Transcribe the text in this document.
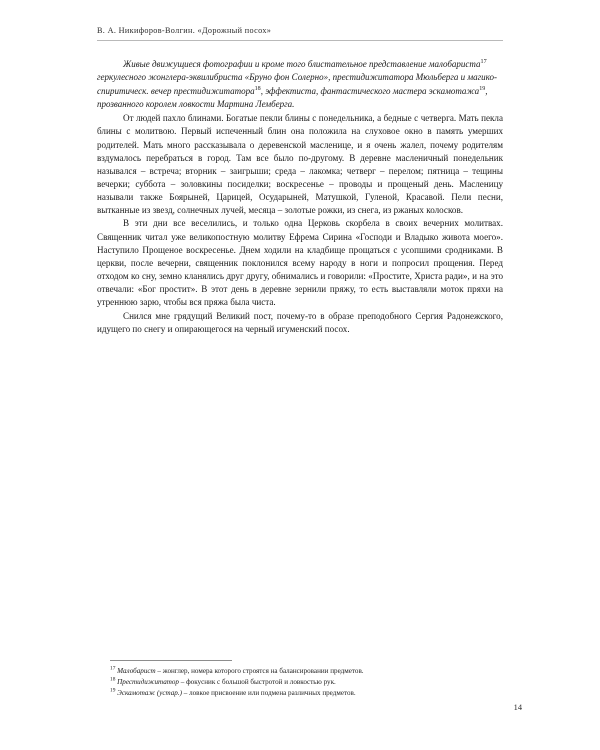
В. А. Никифоров-Волгин. «Дорожный посох»

Живые движущиеся фотографии и кроме того блистательное представление малобариста$^{17}$ геркулесного жонглера-эквилибриста «Бруно фон Солерно», престидижитатора Мюльберга и магико-спиритическ. вечер престидижитатора$^{18}$, эффектиста, фантастического мастера эскамотажа$^{19}$, прозванного королем ловкости Мартина Лемберга.

От людей пахло блинами. Богатые пекли блины с понедельника, а бедные с четверга. Мать пекла блины с молитвою. Первый испеченный блин она положила на слуховое окно в память умерших родителей. Мать много рассказывала о деревенской масленице, и я очень жалел, почему родителям вздумалось перебраться в город. Там все было по-другому. В деревне масленичный понедельник назывался – встреча; вторник – заигрыши; среда – лакомка; четверг – перелом; пятница – тещины вечерки; суббота – золовкины посиделки; воскресенье – проводы и прощеный день. Масленицу называли также Боярыней, Царицей, Осударыней, Матушкой, Гуленой, Красавой. Пели песни, вытканные из звезд, солнечных лучей, месяца – золотые рожки, из снега, из ржаных колосков.

В эти дни все веселились, и только одна Церковь скорбела в своих вечерних молитвах. Священник читал уже великопостную молитву Ефрема Сирина «Господи и Владыко живота моего». Наступило Прощеное воскресенье. Днем ходили на кладбище прощаться с усопшими сродниками. В церкви, после вечерни, священник поклонился всему народу в ноги и попросил прощения. Перед отходом ко сну, земно кланялись друг другу, обнимались и говорили: «Простите, Христа ради», и на это отвечали: «Бог простит». В этот день в деревне зернили пряжу, то есть выставляли моток пряхи на утреннюю зарю, чтобы вся пряжа была чиста.

Снился мне грядущий Великий пост, почему-то в образе преподобного Сергия Радонежского, идущего по снегу и опирающегося на черный игуменский посох.

$^{17}$ Малобарист – жонглер, номера которого строятся на балансировании предметов.

$^{18}$ Престидижитатор – фокусник с большой быстротой и ловкостью рук.

$^{19}$ Эскамотаж (устар.) – ловкое присвоение или подмена различных предметов.

14
